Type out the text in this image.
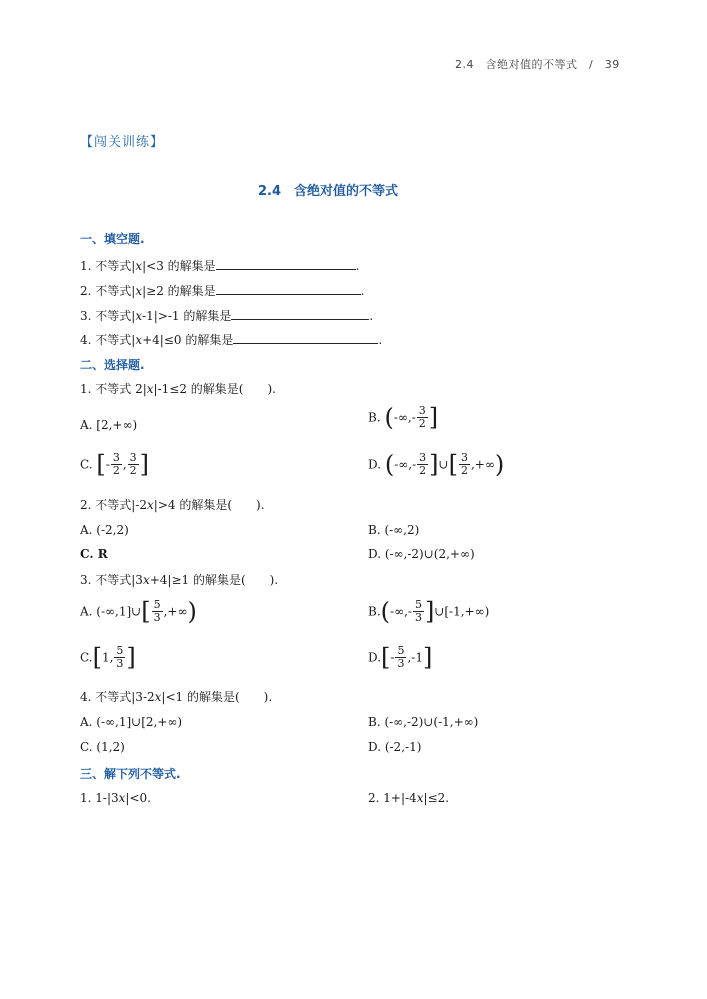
2.4　含绝对值的不等式　/　39
【闯关训练】
2.4　含绝对值的不等式
一、填空题.
1. 不等式|x|<3 的解集是	.
2. 不等式|x|≥2 的解集是	.
3. 不等式|x-1|>-1 的解集是	.
4. 不等式|x+4|≤0 的解集是	.
二、选择题.
1. 不等式 2|x|-1≤2 的解集是(　　).
A. [2,+∞)
B. (-∞,- $\frac{3}{2}$ ]
C. [- $\frac{3}{2}$ , $\frac{3}{2}$ ]	D. (-∞,- $\frac{3}{2}$ ]∪[ $\frac{3}{2}$ ,+∞)
2. 不等式|-2x|>4 的解集是(　　).
A. (-2,2)	B. (-∞,2)
C. R	D. (-∞,-2)∪(2,+∞)
3. 不等式|3x+4|≥1 的解集是(　　).
A. (-∞,1]∪[ $\frac{5}{3}$ ,+∞)	$B.(-\infty,- \frac{5}{3}$ ]∪[-1,+∞)
C.[1, $\frac{5}{3}$ ]	$D.[- \frac{5}{3} ,-1]$
4. 不等式|3-2x|<1 的解集是(　　).
A. (-∞,1]∪[2,+∞)	B. (-∞,-2)∪(-1,+∞)
C. (1,2)	D. (-2,-1)
三、解下列不等式.
1. 1-|3x|<0.	2. 1+|-4x|≤2.
